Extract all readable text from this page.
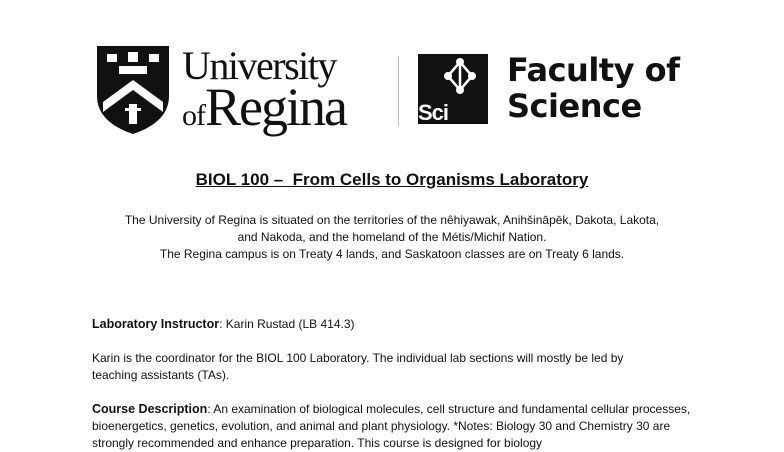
University
ofRegina	Sci
Faculty of
Science
BIOL 100 –  From Cells to Organisms Laboratory
The University of Regina is situated on the territories of the nêhiyawak, Anihšināpēk, Dakota, Lakota,
and Nakoda, and the homeland of the Métis/Michif Nation.
The Regina campus is on Treaty 4 lands, and Saskatoon classes are on Treaty 6 lands.
Laboratory Instructor: Karin Rustad (LB 414.3)
Karin is the coordinator for the BIOL 100 Laboratory. The individual lab sections will mostly be led by teaching assistants (TAs).
Course Description: An examination of biological molecules, cell structure and fundamental cellular processes, bioenergetics, genetics, evolution, and animal and plant physiology. *Notes: Biology 30 and Chemistry 30 are strongly recommended and enhance preparation. This course is designed for biology
